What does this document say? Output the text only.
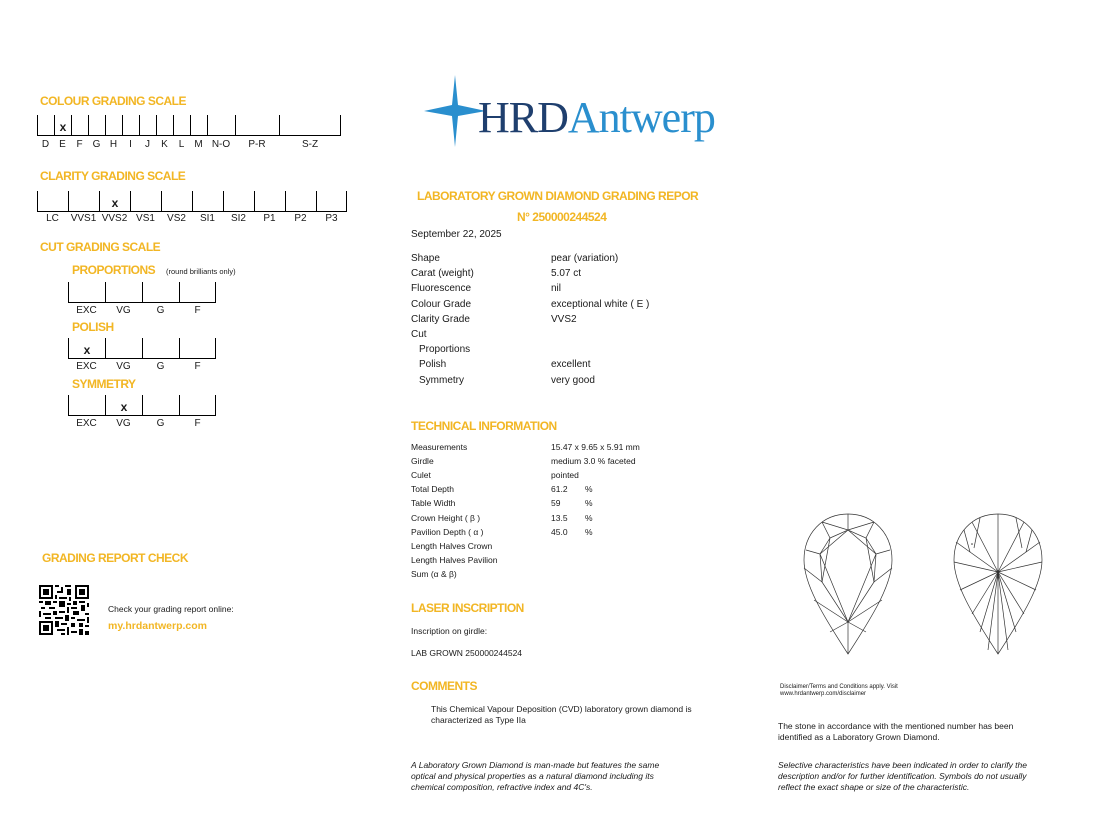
COLOUR GRADING SCALE
x
D	E	F	G H	I	J	K	L	M N-O	P-R	S-Z
CLARITY GRADING SCALE
x
LC	VVS1 VVS2 VS1	VS2	SI1	SI2	P1	P2	P3
CUT GRADING SCALE
PROPORTIONS (round brilliants only)
EXC	VG	G	F
POLISH
x
EXC	VG	G	F
SYMMETRY
x
EXC	VG	G	F
GRADING REPORT CHECK
Check your grading report online:
my.hrdantwerp.com
HRDAntwerp
LABORATORY GROWN DIAMOND GRADING REPOR
N° 250000244524
September 22, 2025
Shape	pear (variation)
Carat (weight)	5.07 ct
Fluorescence	nil
Colour Grade	exceptional white ( E )
Clarity Grade	VVS2
Cut
Proportions
Polish	excellent
Symmetry	very good
TECHNICAL INFORMATION
Measurements	15.47 x 9.65 x 5.91 mm
Girdle	medium 3.0 % faceted
Culet	pointed
Total Depth	61.2 %
Table Width	59	%
Crown Height ( β )	13.5 %
Pavilion Depth ( α )	45.0 %
Length Halves Crown
Length Halves Pavilion
Sum (α & β)
LASER INSCRIPTION
Inscription on girdle:
LAB GROWN 250000244524
COMMENTS
This Chemical Vapour Deposition (CVD) laboratory grown diamond is
characterized as Type IIa
A Laboratory Grown Diamond is man-made but features the same
optical and physical properties as a natural diamond including its
chemical composition, refractive index and 4C's.
Disclaimer/Terms and Conditions apply. Visit
www.hrdantwerp.com/disclaimer
The stone in accordance with the mentioned number has been
identified as a Laboratory Grown Diamond.
Selective characteristics have been indicated in order to clarify the
description and/or for further identification. Symbols do not usually
reflect the exact shape or size of the characteristic.
